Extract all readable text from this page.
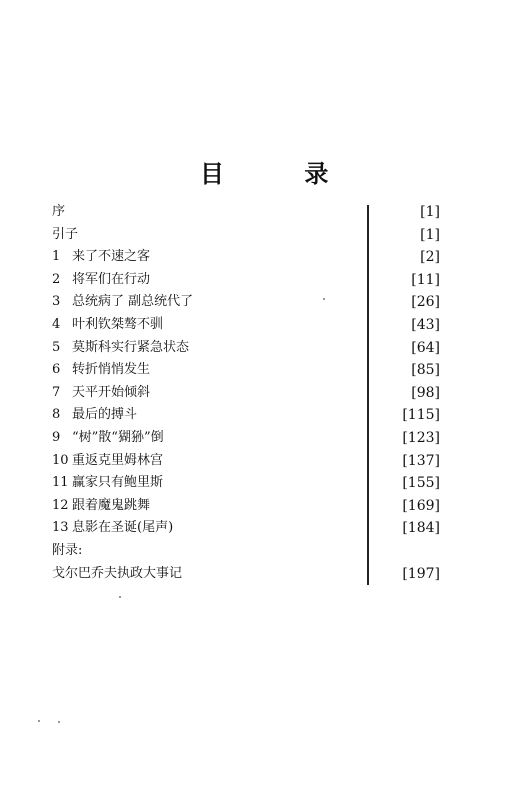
目 录
序	[1]
引子	[1]
1 来了不速之客	[2]
2 将军们在行动	[11]
3 总统病了 副总统代了	[26]
4 叶利钦桀骜不驯	[43]
5 莫斯科实行紧急状态	[64]
6 转折悄悄发生	[85]
7 天平开始倾斜	[98]
8 最后的搏斗	[115]
9 “树”散“猢狲”倒	[123]
10 重返克里姆林宫	[137]
11 赢家只有鲍里斯	[155]
12 跟着魔鬼跳舞	[169]
13 息影在圣诞(尾声)	[184]
附录:
戈尔巴乔夫执政大事记	[197]
